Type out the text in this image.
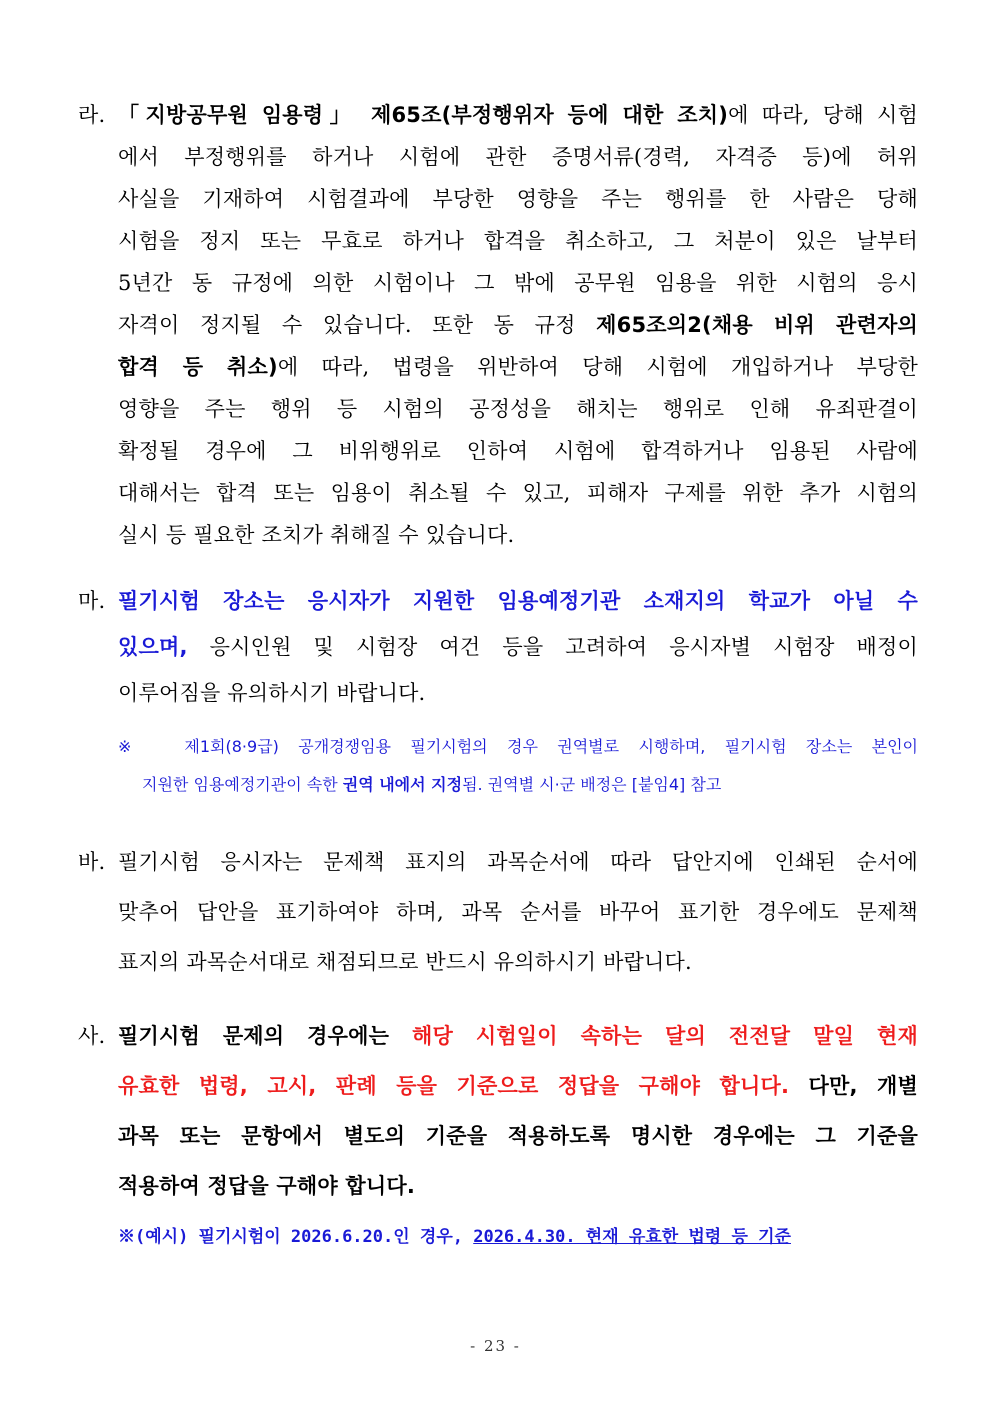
라. 「지방공무원 임용령」 제65조(부정행위자 등에 대한 조치)에 따라, 당해 시험
에서 부정행위를 하거나 시험에 관한 증명서류(경력, 자격증 등)에 허위
사실을 기재하여 시험결과에 부당한 영향을 주는 행위를 한 사람은 당해
시험을 정지 또는 무효로 하거나 합격을 취소하고, 그 처분이 있은 날부터
5년간 동 규정에 의한 시험이나 그 밖에 공무원 임용을 위한 시험의 응시
자격이 정지될 수 있습니다. 또한 동 규정 제65조의2(채용 비위 관련자의
합격 등 취소)에 따라, 법령을 위반하여 당해 시험에 개입하거나 부당한
영향을 주는 행위 등 시험의 공정성을 해치는 행위로 인해 유죄판결이
확정될 경우에 그 비위행위로 인하여 시험에 합격하거나 임용된 사람에
대해서는 합격 또는 임용이 취소될 수 있고, 피해자 구제를 위한 추가 시험의
실시 등 필요한 조치가 취해질 수 있습니다.
마. 필기시험 장소는 응시자가 지원한 임용예정기관 소재지의 학교가 아닐 수
있으며, 응시인원 및 시험장 여건 등을 고려하여 응시자별 시험장 배정이
이루어짐을 유의하시기 바랍니다.
※ 제1회(8·9급) 공개경쟁임용 필기시험의 경우 권역별로 시행하며, 필기시험 장소는 본인이
지원한 임용예정기관이 속한 권역 내에서 지정됨. 권역별 시·군 배정은 [붙임4] 참고
바. 필기시험 응시자는 문제책 표지의 과목순서에 따라 답안지에 인쇄된 순서에
맞추어 답안을 표기하여야 하며, 과목 순서를 바꾸어 표기한 경우에도 문제책
표지의 과목순서대로 채점되므로 반드시 유의하시기 바랍니다.
사. 필기시험 문제의 경우에는 해당 시험일이 속하는 달의 전전달 말일 현재
유효한 법령, 고시, 판례 등을 기준으로 정답을 구해야 합니다. 다만, 개별
과목 또는 문항에서 별도의 기준을 적용하도록 명시한 경우에는 그 기준을
적용하여 정답을 구해야 합니다.
※(예시) 필기시험이 2026.6.20.인 경우, 2026.4.30. 현재 유효한 법령 등 기준
- 23 -
